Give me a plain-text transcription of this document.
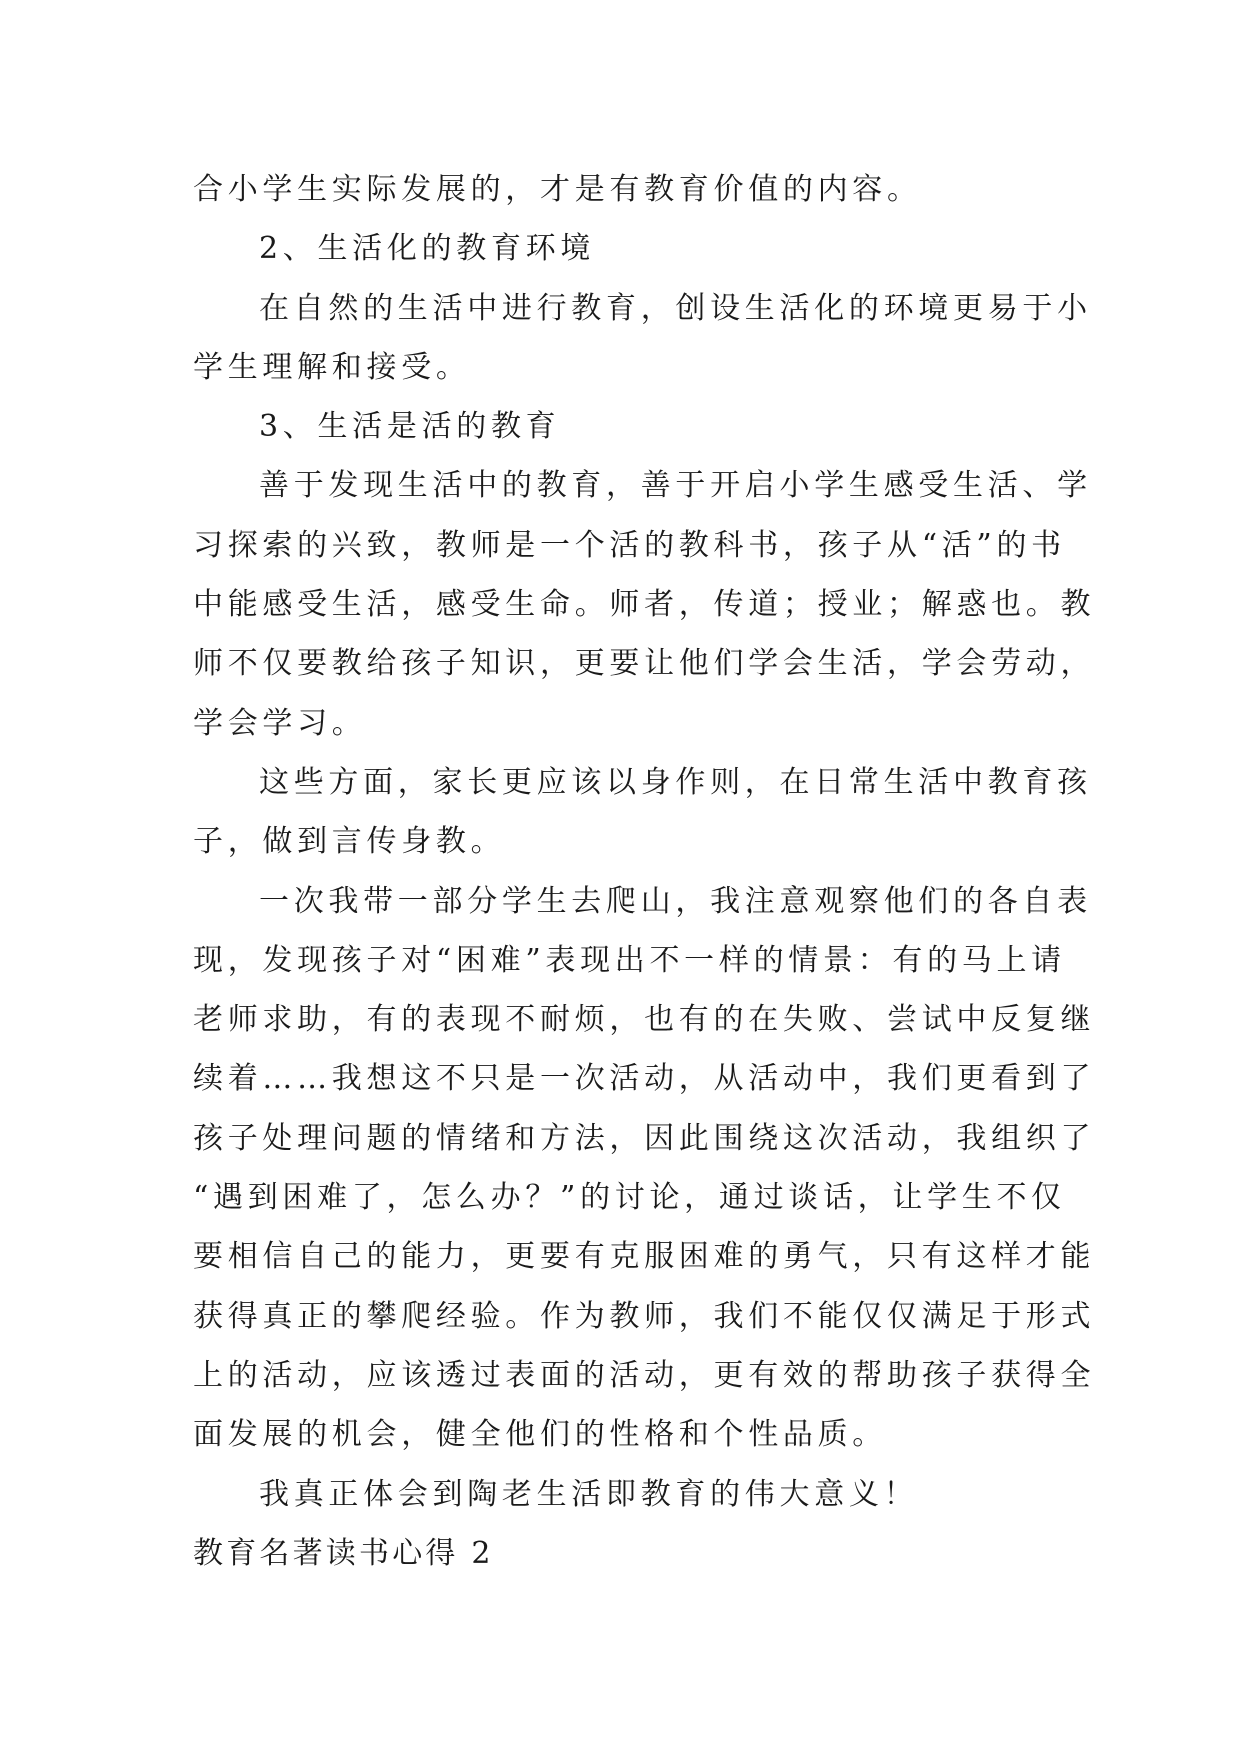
合小学生实际发展的，才是有教育价值的内容。
2、生活化的教育环境
在自然的生活中进行教育，创设生活化的环境更易于小
学生理解和接受。
3、生活是活的教育
善于发现生活中的教育，善于开启小学生感受生活、学
习探索的兴致，教师是一个活的教科书，孩子从“活”的书
中能感受生活，感受生命。师者，传道；授业；解惑也。教
师不仅要教给孩子知识，更要让他们学会生活，学会劳动，
学会学习。
这些方面，家长更应该以身作则，在日常生活中教育孩
子，做到言传身教。
一次我带一部分学生去爬山，我注意观察他们的各自表
现，发现孩子对“困难”表现出不一样的情景：有的马上请
老师求助，有的表现不耐烦，也有的在失败、尝试中反复继
续着……我想这不只是一次活动，从活动中，我们更看到了
孩子处理问题的情绪和方法，因此围绕这次活动，我组织了
“遇到困难了，怎么办？”的讨论，通过谈话，让学生不仅
要相信自己的能力，更要有克服困难的勇气，只有这样才能
获得真正的攀爬经验。作为教师，我们不能仅仅满足于形式
上的活动，应该透过表面的活动，更有效的帮助孩子获得全
面发展的机会，健全他们的性格和个性品质。
我真正体会到陶老生活即教育的伟大意义！
教育名著读书心得 2
